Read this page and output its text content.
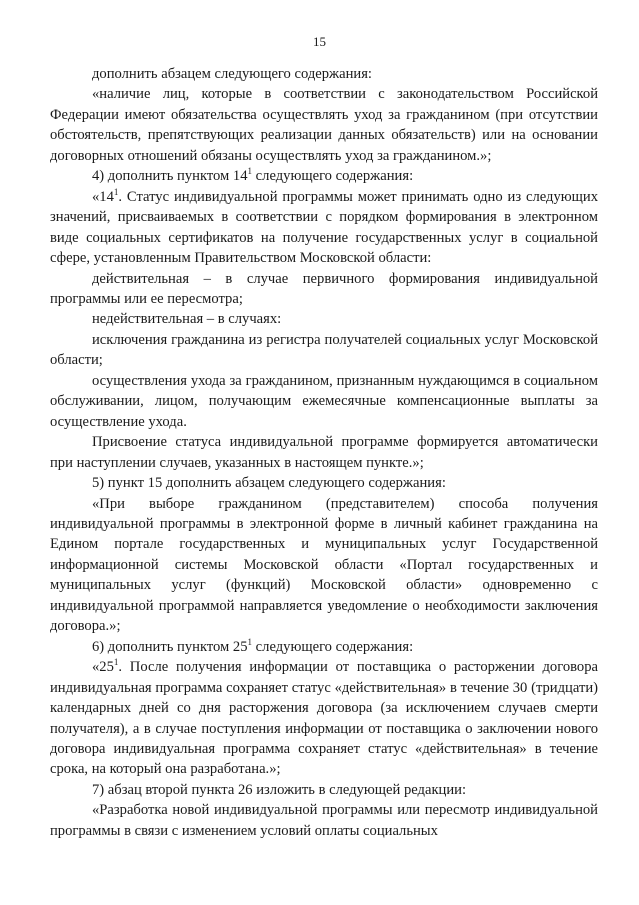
15

дополнить абзацем следующего содержания:

«наличие лиц, которые в соответствии с законодательством Российской Федерации имеют обязательства осуществлять уход за гражданином (при отсутствии обстоятельств, препятствующих реализации данных обязательств) или на основании договорных отношений обязаны осуществлять уход за гражданином.»;

4) дополнить пунктом $14^1$ следующего содержания:

«$14^1$. Статус индивидуальной программы может принимать одно из следующих значений, присваиваемых в соответствии с порядком формирования в электронном виде социальных сертификатов на получение государственных услуг в социальной сфере, установленным Правительством Московской области:

действительная – в случае первичного формирования индивидуальной программы или ее пересмотра;

недействительная – в случаях:

исключения гражданина из регистра получателей социальных услуг Московской области;

осуществления ухода за гражданином, признанным нуждающимся в социальном обслуживании, лицом, получающим ежемесячные компенсационные выплаты за осуществление ухода.

Присвоение статуса индивидуальной программе формируется автоматически при наступлении случаев, указанных в настоящем пункте.»;

5) пункт 15 дополнить абзацем следующего содержания:

«При выборе гражданином (представителем) способа получения индивидуальной программы в электронной форме в личный кабинет гражданина на Едином портале государственных и муниципальных услуг Государственной информационной системы Московской области «Портал государственных и муниципальных услуг (функций) Московской области» одновременно с индивидуальной программой направляется уведомление о необходимости заключения договора.»;

6) дополнить пунктом $25^1$ следующего содержания:

«$25^1$. После получения информации от поставщика о расторжении договора индивидуальная программа сохраняет статус «действительная» в течение 30 (тридцати) календарных дней со дня расторжения договора (за исключением случаев смерти получателя), а в случае поступления информации от поставщика о заключении нового договора индивидуальная программа сохраняет статус «действительная» в течение срока, на который она разработана.»;

7) абзац второй пункта 26 изложить в следующей редакции:

«Разработка новой индивидуальной программы или пересмотр индивидуальной программы в связи с изменением условий оплаты социальных
